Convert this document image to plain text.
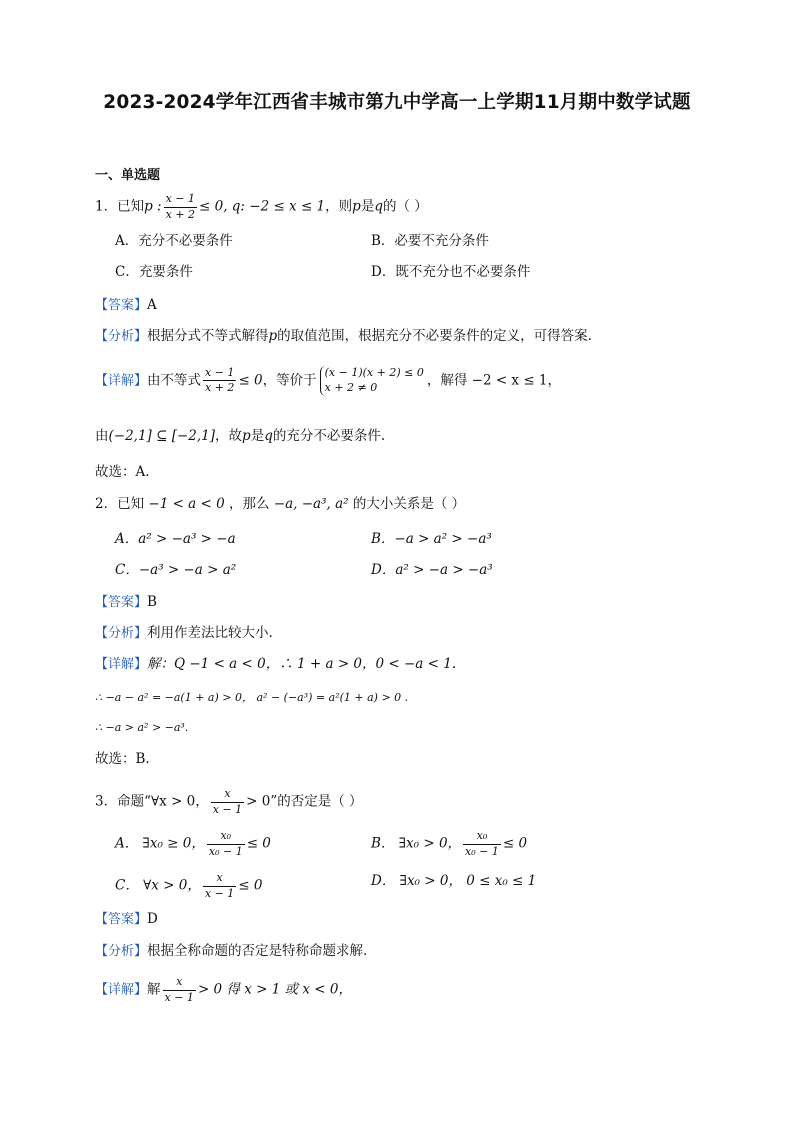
2023-2024学年江西省丰城市第九中学高一上学期11月期中数学试题
一、单选题
1．已知p : $\frac{x - 1}{x + 2} \le 0$, q: −2 ≤ x ≤ 1，则p是q的（ ）
A．充分不必要条件	B．必要不充分条件
C．充要条件	D．既不充分也不必要条件
【答案】A
【分析】根据分式不等式解得p的取值范围，根据充分不必要条件的定义，可得答案.
【详解】由不等式 $\frac{x - 1}{x + 2} \le 0$，等价于 (x − 1)(x + 2) ≤ 0
x + 2 ≠ 0	，解得 −2 < x ≤ 1，
由(−2,1] ⊆ [−2,1]，故p是q的充分不必要条件.
故选：A.
2．已知 −1 < a < 0 ，那么 −a, −a³, a² 的大小关系是（ ）
A．a² > −a³ > −a	B．−a > a² > −a³
C．−a³ > −a > a²	D．a² > −a > −a³
【答案】B
【分析】利用作差法比较大小.
【详解】解：Q −1 < a < 0，∴ 1 + a > 0，0 < −a < 1.
∴ −a − a² = −a(1 + a) > 0， a² − (−a³) = a²(1 + a) > 0 .
∴ −a > a² > −a³.
故选：B.
3．命题“∀x > 0， $\frac{x}{x - 1} > 0$”的否定是（ ）
A． ∃x₀ ≥ 0， $\frac{\text{x₀}}{\text{x₀ − 1}} \le 0$	B． ∃x₀ > 0， $\frac{\text{x₀}}{\text{x₀ − 1}} \le 0$
C． ∀x > 0， $\frac{x}{x - 1} \le 0$	D． ∃x₀ > 0， 0 ≤ x₀ ≤ 1
【答案】D
【分析】根据全称命题的否定是特称命题求解.
【详解】解 $\frac{x}{x - 1} > 0$ 得 x > 1 或 x < 0，
